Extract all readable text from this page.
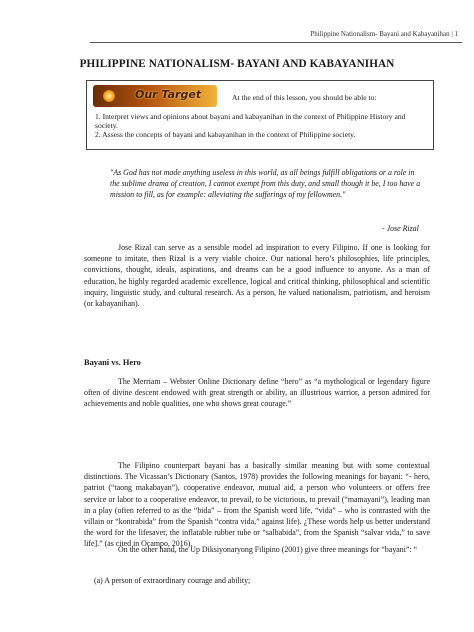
Philippine Nationalism- Bayani and Kabayanihan | 1
PHILIPPINE NATIONALISM- BAYANI AND KABAYANIHAN
Our Target	At the end of this lesson, you should be able to:
1. Interpret views and opinions about bayani and kabayanihan in the context of Philippine History and society.
2. Assess the concepts of bayani and kabayanihan in the context of Philippine society.
"As God has not made anything useless in this world, as all beings fulfill obligations or a role in the sublime drama of creation, I cannot exempt from this duty, and small though it be, I too have a mission to fill, as for example: alleviating the sufferings of my fellowmen."
- Jose Rizal

Jose Rizal can serve as a sensible model ad inspiration to every Filipino. If one is looking for someone to imitate, then Rizal is a very viable choice. Our national hero’s philosophies, life principles, convictions, thought, ideals, aspirations, and dreams can be a good influence to anyone. As a man of education, he highly regarded academic excellence, logical and critical thinking, philosophical and scientific inquiry, linguistic study, and cultural research. As a person, he valued nationalism, patriotism, and heroism (or kabayanihan).

Bayani vs. Hero

The Merriam – Webster Online Dictionary define “hero” as “a mythological or legendary figure often of divine descent endowed with great strength or ability, an illustrious warrior, a person admired for achievements and noble qualities, one who shows great courage.”

The Filipino counterpart bayani has a basically similar meaning but with some contextual distinctions. The Vicassan’s Dictionary (Santos, 1978) provides the following meanings for bayani: “- hero, patriot (“taong makabayan”), cooperative endeavor, mutual aid, a person who volunteers or offers free service or labor to a cooperative endeavor, to prevail, to be victorious, to prevail (“mamayani”), leading man in a play (often referred to as the “bida” – from the Spanish word life, “vida” – who is contrasted with the villain or “kontrabida” from the Spanish “contra vida,” against life). ¿These words help us better understand the word for the lifesaver, the inflatable rubber tube or “salbabida”, from the Spanish “salvar vida,” to save life].” (as cited in Ocampo, 2016).

On the other hand, the Up Diksiyonaryong Filipino (2001) give three meanings for “bayani”: “

(a) A person of extraordinary courage and ability;
